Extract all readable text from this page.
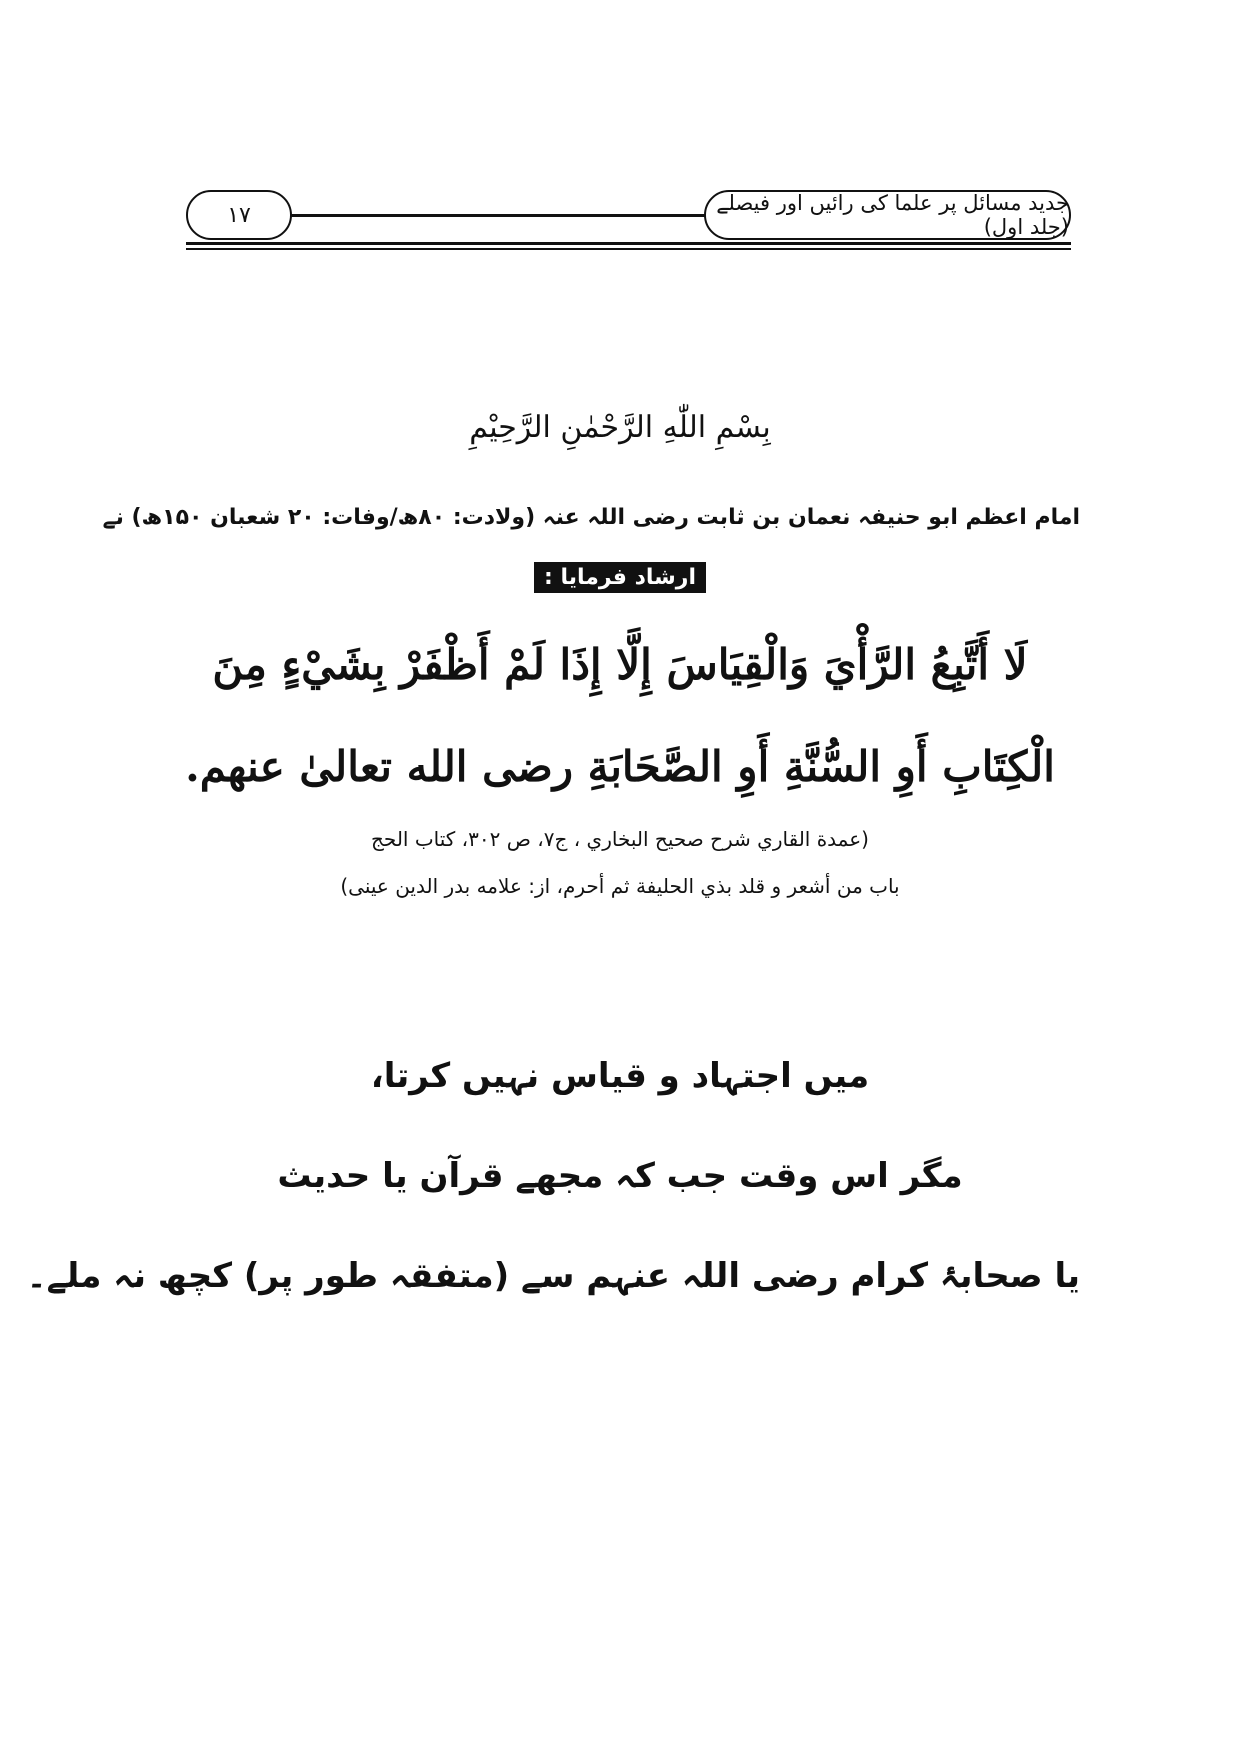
۱۷	جدید مسائل پر علما کی رائیں اور فیصلے (جلد اول)
بِسْمِ اللّٰهِ الرَّحْمٰنِ الرَّحِيْمِ
امام اعظم ابو حنیفہ نعمان بن ثابت رضی اللہ عنہ (ولادت: ۸۰ھ/وفات: ۲۰ شعبان ۱۵۰ھ) نے
ارشاد فرمایا :
لَا أَتَّبِعُ الرَّأْيَ وَالْقِيَاسَ إِلَّا إِذَا لَمْ أَظْفَرْ بِشَيْءٍ مِنَ
الْكِتَابِ أَوِ السُّنَّةِ أَوِ الصَّحَابَةِ رضى الله تعالىٰ عنهم.
(عمدة القاري شرح صحيح البخاري ، ج۷، ص ۳۰۲، كتاب الحج
باب من أشعر و قلد بذي الحليفة ثم أحرم، از: علامه بدر الدين عينى)
میں اجتہاد و قیاس نہیں کرتا،
مگر اس وقت جب کہ مجھے قرآن یا حدیث
یا صحابۂ کرام رضی اللہ عنہم سے (متفقہ طور پر) کچھ نہ ملے۔
